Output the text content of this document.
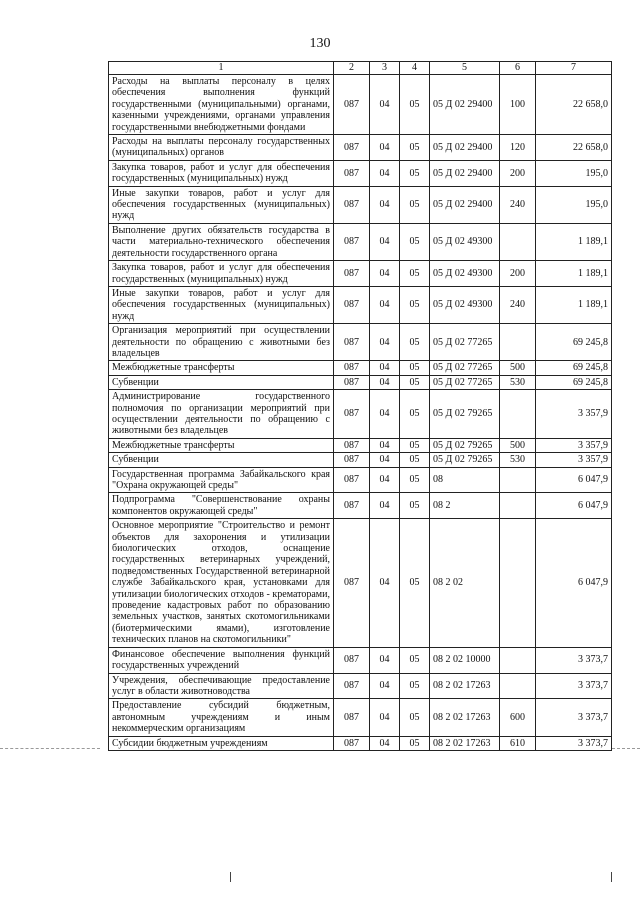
130
1	2	3	4	5	6	7
Расходы на выплаты персоналу в целях обеспечения выполнения функций государственными (муниципальными) органами, казенными учреждениями, органами управления государственными внебюджетными фондами	087	04	05	05 Д 02 29400	100	22 658,0
Расходы на выплаты персоналу государственных (муниципальных) органов	087	04	05	05 Д 02 29400	120	22 658,0
Закупка товаров, работ и услуг для обеспечения государственных (муниципальных) нужд	087	04	05	05 Д 02 29400	200	195,0
Иные закупки товаров, работ и услуг для обеспечения государственных (муниципальных) нужд	087	04	05	05 Д 02 29400	240	195,0
Выполнение других обязательств государства в части материально-технического обеспечения деятельности государственного органа	087	04	05	05 Д 02 49300		1 189,1
Закупка товаров, работ и услуг для обеспечения государственных (муниципальных) нужд	087	04	05	05 Д 02 49300	200	1 189,1
Иные закупки товаров, работ и услуг для обеспечения государственных (муниципальных) нужд	087	04	05	05 Д 02 49300	240	1 189,1
Организация мероприятий при осуществлении деятельности по обращению с животными без владельцев	087	04	05	05 Д 02 77265		69 245,8
Межбюджетные трансферты	087	04	05	05 Д 02 77265	500	69 245,8
Субвенции	087	04	05	05 Д 02 77265	530	69 245,8
Администрирование государственного полномочия по организации мероприятий при осуществлении деятельности по обращению с животными без владельцев	087	04	05	05 Д 02 79265		3 357,9
Межбюджетные трансферты	087	04	05	05 Д 02 79265	500	3 357,9
Субвенции	087	04	05	05 Д 02 79265	530	3 357,9
Государственная программа Забайкальского края "Охрана окружающей среды"	087	04	05	08		6 047,9
Подпрограмма "Совершенствование охраны компонентов окружающей среды"	087	04	05	08 2		6 047,9
Основное мероприятие "Строительство и ремонт объектов для захоронения и утилизации биологических отходов, оснащение государственных ветеринарных учреждений, подведомственных Государственной ветеринарной службе Забайкальского края, установками для утилизации биологических отходов - крематорами, проведение кадастровых работ по образованию земельных участков, занятых скотомогильниками (биотермическими ямами), изготовление технических планов на скотомогильники"	087	04	05	08 2 02		6 047,9
Финансовое обеспечение выполнения функций государственных учреждений	087	04	05	08 2 02 10000		3 373,7
Учреждения, обеспечивающие предоставление услуг в области животноводства	087	04	05	08 2 02 17263		3 373,7
Предоставление субсидий бюджетным, автономным учреждениям и иным некоммерческим организациям	087	04	05	08 2 02 17263	600	3 373,7
Субсидии бюджетным учреждениям	087	04	05	08 2 02 17263	610	3 373,7
